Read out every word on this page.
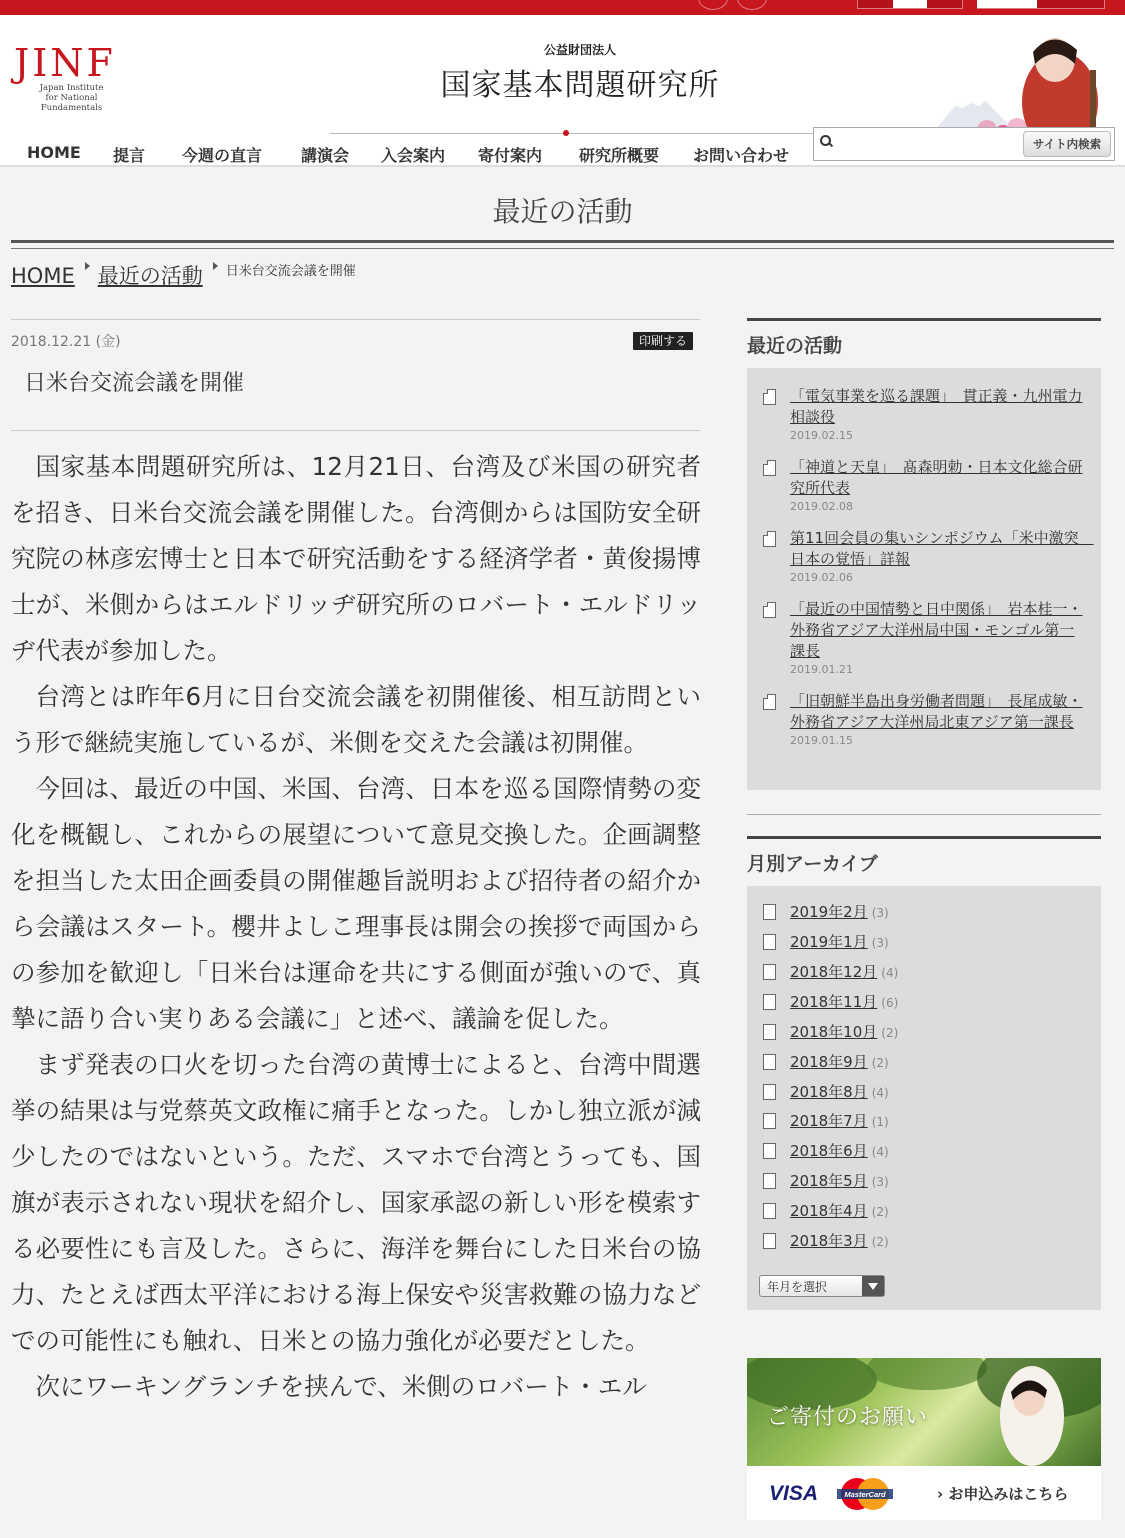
JINF
Japan Institute
for National Fundamentals
公益財団法人
国家基本問題研究所
HOME 提言 今週の直言 講演会 入会案内 寄付案内 研究所概要 お問い合わせ
サイト内検索
最近の活動
HOME 最近の活動 $^{日米台交流会議を開催}$
2018.12.21 (金)	印刷する
日米台交流会議を開催

国家基本問題研究所は、12月21日、台湾及び米国の研究者を招き、日米台交流会議を開催した。台湾側からは国防安全研究院の林彦宏博士と日本で研究活動をする経済学者・黄俊揚博士が、米側からはエルドリッヂ研究所のロバート・エルドリッヂ代表が参加した。

台湾とは昨年6月に日台交流会議を初開催後、相互訪問という形で継続実施しているが、米側を交えた会議は初開催。

今回は、最近の中国、米国、台湾、日本を巡る国際情勢の変化を概観し、これからの展望について意見交換した。企画調整を担当した太田企画委員の開催趣旨説明および招待者の紹介から会議はスタート。櫻井よしこ理事長は開会の挨拶で両国からの参加を歓迎し「日米台は運命を共にする側面が強いので、真摯に語り合い実りある会議に」と述べ、議論を促した。

まず発表の口火を切った台湾の黄博士によると、台湾中間選挙の結果は与党蔡英文政権に痛手となった。しかし独立派が減少したのではないという。ただ、スマホで台湾とうっても、国旗が表示されない現状を紹介し、国家承認の新しい形を模索する必要性にも言及した。さらに、海洋を舞台にした日米台の協力、たとえば西太平洋における海上保安や災害救難の協力などでの可能性にも触れ、日米との協力強化が必要だとした。

次にワーキングランチを挟んで、米側のロバート・エル

最近の活動
「電気事業を巡る課題」　貫正義・九州電力相談役
2019.02.15
「神道と天皇」　髙森明勅・日本文化総合研究所代表
2019.02.08
第11回会員の集いシンポジウム「米中激突　日本の覚悟」詳報
2019.02.06
「最近の中国情勢と日中関係」　岩本桂一・外務省アジア大洋州局中国・モンゴル第一課長
2019.01.21
「旧朝鮮半島出身労働者問題」　長尾成敏・外務省アジア大洋州局北東アジア第一課長
2019.01.15
月別アーカイブ
2019年2月 (3)
2019年1月 (3)
2018年12月 (4)
2018年11月 (6)
2018年10月 (2)
2018年9月 (2)
2018年8月 (4)
2018年7月 (1)
2018年6月 (4)
2018年5月 (3)
2018年4月 (2)
2018年3月 (2)
年月を選択
ご寄付のお願い
VISA	MasterCard	› お申込みはこちら
